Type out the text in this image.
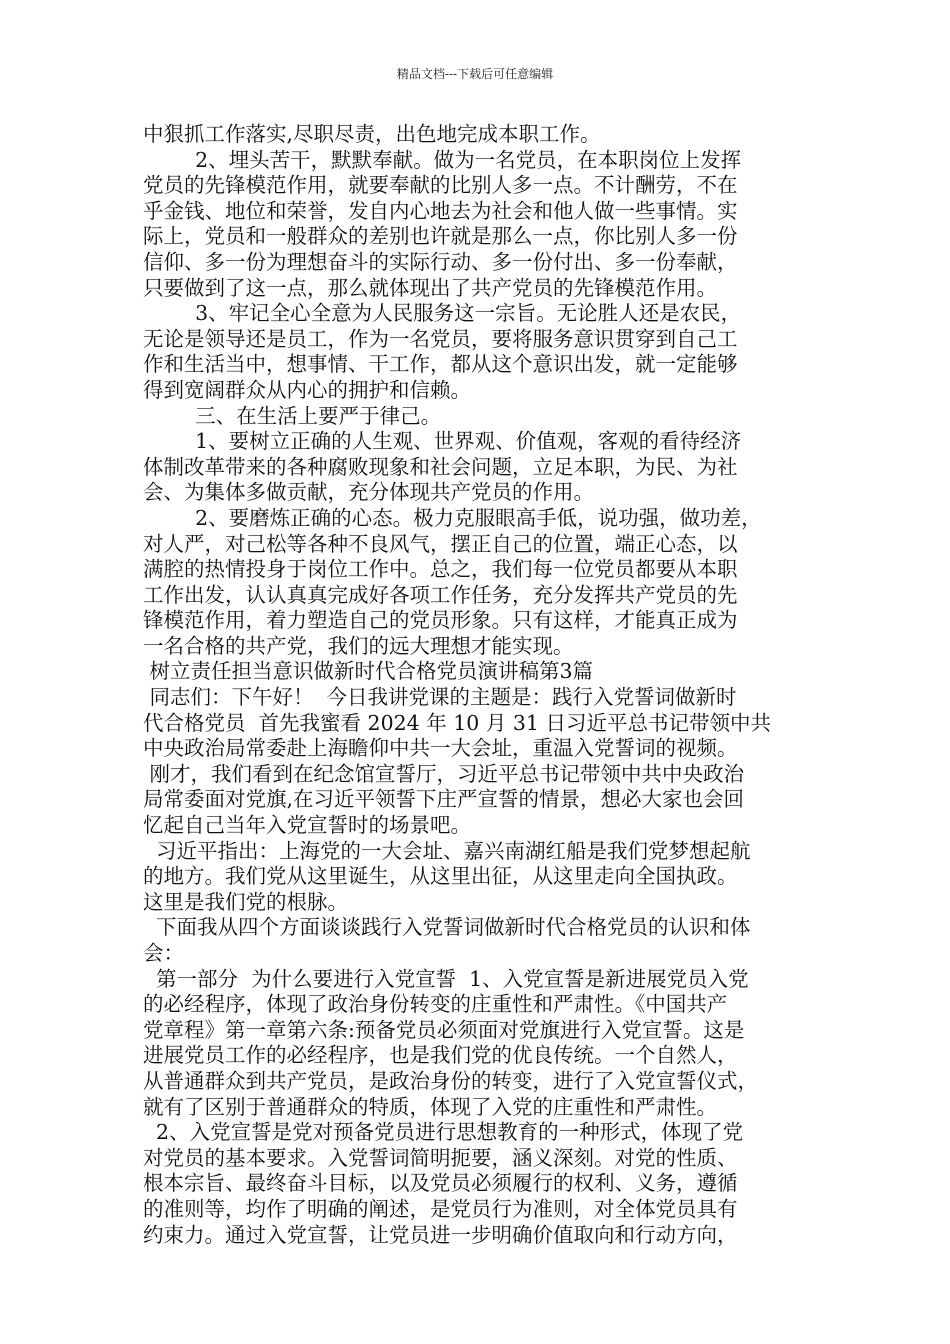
精品文档---下载后可任意编辑
中狠抓工作落实,尽职尽责，出色地完成本职工作。
2、埋头苦干，默默奉献。做为一名党员，在本职岗位上发挥
党员的先锋模范作用，就要奉献的比别人多一点。不计酬劳，不在
乎金钱、地位和荣誉，发自内心地去为社会和他人做一些事情。实
际上，党员和一般群众的差别也许就是那么一点，你比别人多一份
信仰、多一份为理想奋斗的实际行动、多一份付出、多一份奉献，
只要做到了这一点，那么就体现出了共产党员的先锋模范作用。
3、牢记全心全意为人民服务这一宗旨。无论胜人还是农民，
无论是领导还是员工，作为一名党员，要将服务意识贯穿到自己工
作和生活当中，想事情、干工作，都从这个意识出发，就一定能够
得到宽阔群众从内心的拥护和信赖。
三、在生活上要严于律己。
1、要树立正确的人生观、世界观、价值观，客观的看待经济
体制改革带来的各种腐败现象和社会问题，立足本职，为民、为社
会、为集体多做贡献，充分体现共产党员的作用。
2、要磨炼正确的心态。极力克服眼高手低，说功强，做功差，
对人严，对己松等各种不良风气，摆正自己的位置，端正心态，以
满腔的热情投身于岗位工作中。总之，我们每一位党员都要从本职
工作出发，认认真真完成好各项工作任务，充分发挥共产党员的先
锋模范作用，着力塑造自己的党员形象。只有这样，才能真正成为
一名合格的共产党，我们的远大理想才能实现。
树立责任担当意识做新时代合格党员演讲稿第3篇
同志们：下午好！  今日我讲党课的主题是：践行入党誓词做新时
代合格党员  首先我蜜看 2024 年 10 月 31 日习近平总书记带领中共
中央政治局常委赴上海瞻仰中共一大会址，重温入党誓词的视频。
刚才，我们看到在纪念馆宣誓厅，习近平总书记带领中共中央政治
局常委面对党旗,在习近平领誓下庄严宣誓的情景，想必大家也会回
忆起自己当年入党宣誓时的场景吧。
习近平指出：上海党的一大会址、嘉兴南湖红船是我们党梦想起航
的地方。我们党从这里诞生，从这里出征，从这里走向全国执政。
这里是我们党的根脉。
下面我从四个方面谈谈践行入党誓词做新时代合格党员的认识和体
会：
第一部分  为什么要进行入党宣誓  1、入党宣誓是新进展党员入党
的必经程序，体现了政治身份转变的庄重性和严肃性。《中国共产
党章程》第一章第六条:预备党员必须面对党旗进行入党宣誓。这是
进展党员工作的必经程序，也是我们党的优良传统。一个自然人，
从普通群众到共产党员，是政治身份的转变，进行了入党宣誓仪式，
就有了区别于普通群众的特质，体现了入党的庄重性和严肃性。
2、入党宣誓是党对预备党员进行思想教育的一种形式，体现了党
对党员的基本要求。入党誓词简明扼要，涵义深刻。对党的性质、
根本宗旨、最终奋斗目标，以及党员必须履行的权利、义务，遵循
的准则等，均作了明确的阐述，是党员行为准则，对全体党员具有
约束力。通过入党宣誓，让党员进一步明确价值取向和行动方向，
